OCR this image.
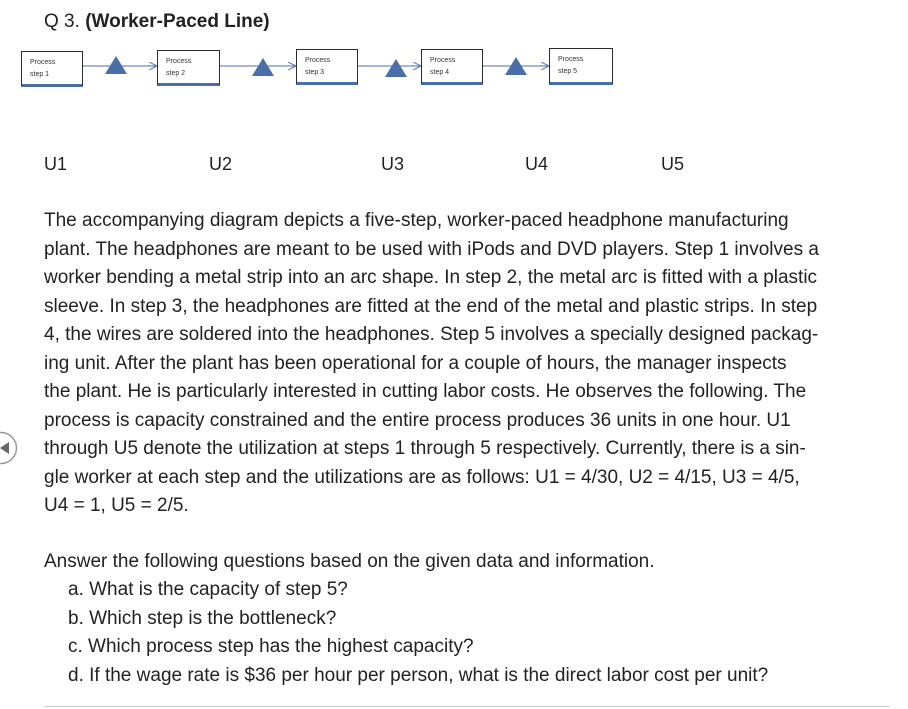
Q 3. (Worker-Paced Line)
Process
step 1
Process
step 2
Process
step 3
Process
step 4
Process
step 5
U1	U2	U3	U4	U5
The accompanying diagram depicts a five-step, worker-paced headphone manufacturing
plant. The headphones are meant to be used with iPods and DVD players. Step 1 involves a
worker bending a metal strip into an arc shape. In step 2, the metal arc is fitted with a plastic
sleeve. In step 3, the headphones are fitted at the end of the metal and plastic strips. In step
4, the wires are soldered into the headphones. Step 5 involves a specially designed packag-
ing unit. After the plant has been operational for a couple of hours, the manager inspects
the plant. He is particularly interested in cutting labor costs. He observes the following. The
process is capacity constrained and the entire process produces 36 units in one hour. U1
through U5 denote the utilization at steps 1 through 5 respectively. Currently, there is a sin-
gle worker at each step and the utilizations are as follows: U1 = 4/30, U2 = 4/15, U3 = 4/5,
U4 = 1, U5 = 2/5.
Answer the following questions based on the given data and information.
a. What is the capacity of step 5?
b. Which step is the bottleneck?
c. Which process step has the highest capacity?
d. If the wage rate is $36 per hour per person, what is the direct labor cost per unit?
